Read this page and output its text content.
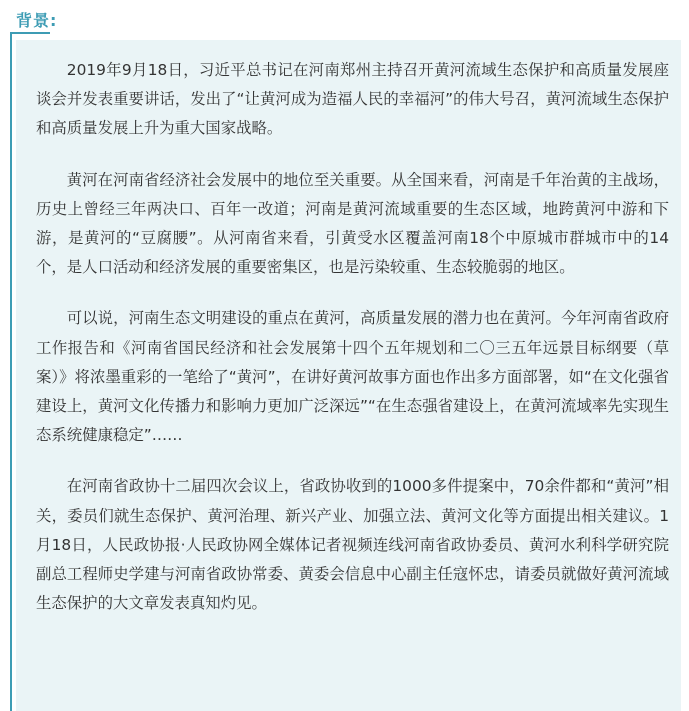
背景:

2019年9月18日，习近平总书记在河南郑州主持召开黄河流域生态保护和高质量发展座谈会并发表重要讲话，发出了“让黄河成为造福人民的幸福河”的伟大号召，黄河流域生态保护和高质量发展上升为重大国家战略。

黄河在河南省经济社会发展中的地位至关重要。从全国来看，河南是千年治黄的主战场，历史上曾经三年两决口、百年一改道；河南是黄河流域重要的生态区域，地跨黄河中游和下游，是黄河的“豆腐腰”。从河南省来看，引黄受水区覆盖河南18个中原城市群城市中的14个，是人口活动和经济发展的重要密集区，也是污染较重、生态较脆弱的地区。

可以说，河南生态文明建设的重点在黄河，高质量发展的潜力也在黄河。今年河南省政府工作报告和《河南省国民经济和社会发展第十四个五年规划和二〇三五年远景目标纲要（草案）》将浓墨重彩的一笔给了“黄河”，在讲好黄河故事方面也作出多方面部署，如“在文化强省建设上，黄河文化传播力和影响力更加广泛深远”“在生态强省建设上，在黄河流域率先实现生态系统健康稳定”……

在河南省政协十二届四次会议上，省政协收到的1000多件提案中，70余件都和“黄河”相关，委员们就生态保护、黄河治理、新兴产业、加强立法、黄河文化等方面提出相关建议。1月18日，人民政协报·人民政协网全媒体记者视频连线河南省政协委员、黄河水利科学研究院副总工程师史学建与河南省政协常委、黄委会信息中心副主任寇怀忠，请委员就做好黄河流域生态保护的大文章发表真知灼见。
